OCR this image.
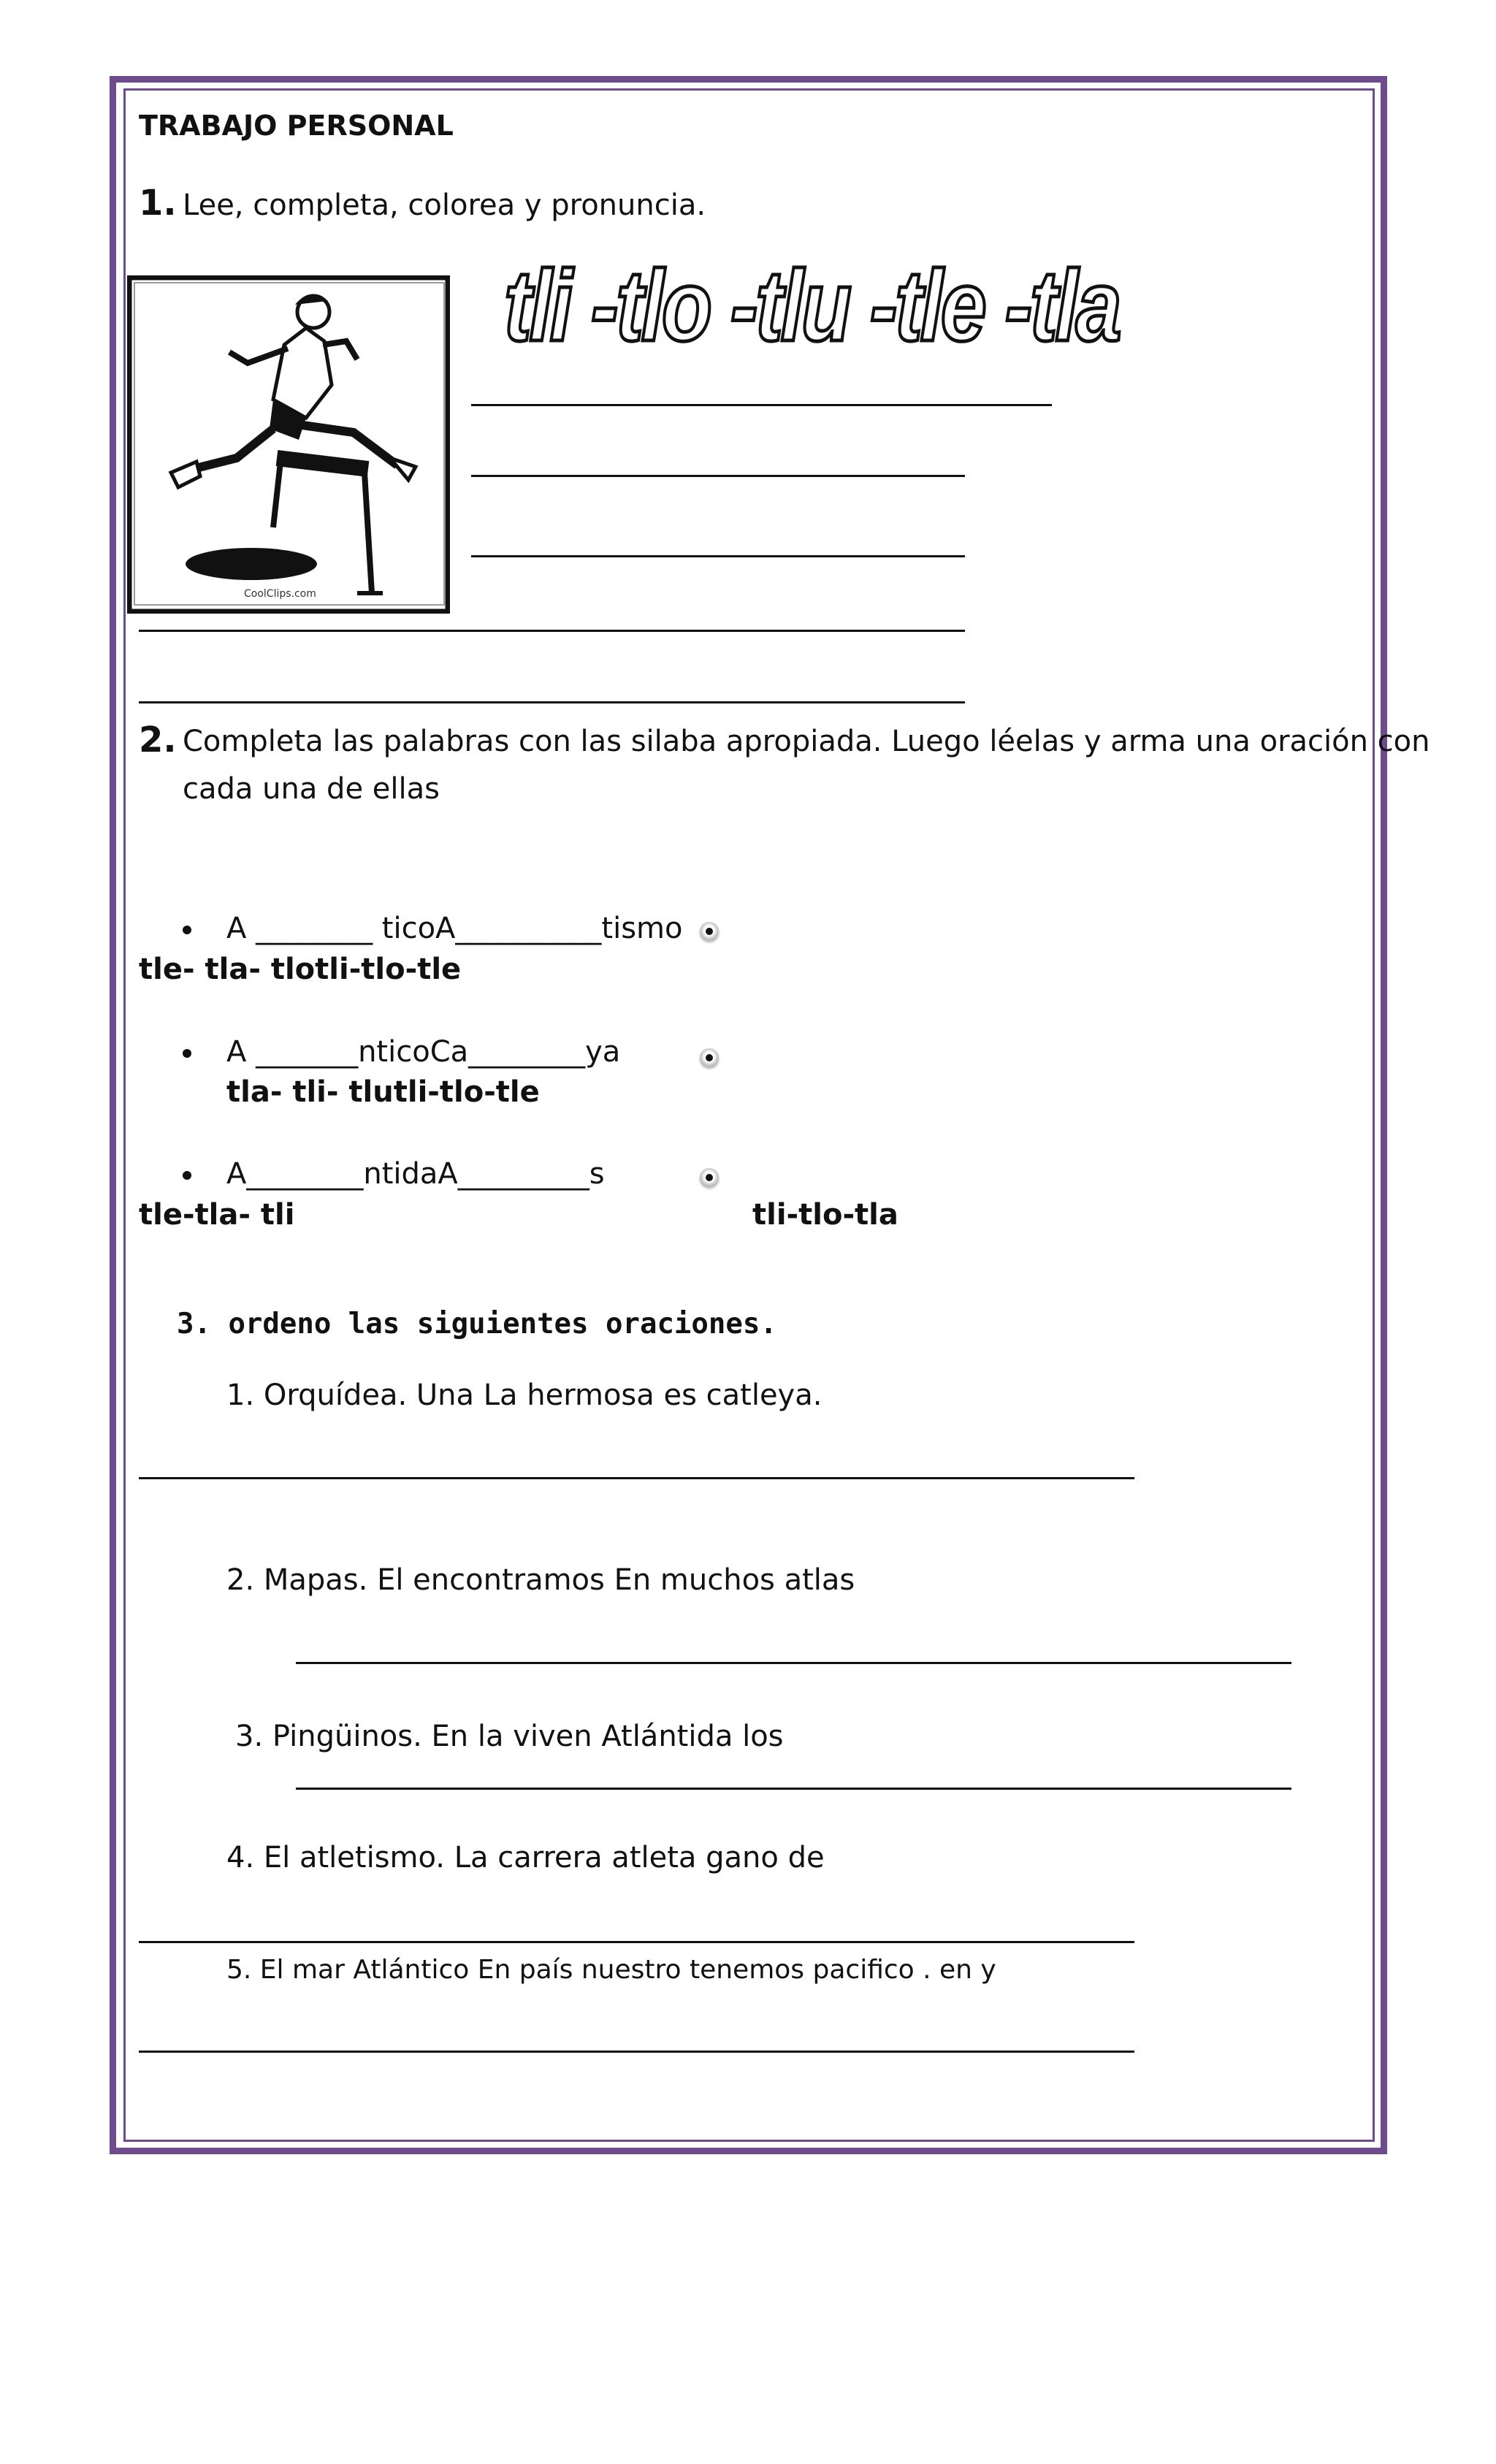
TRABAJO PERSONAL
1. Lee, completa, colorea y pronuncia.
tli -tlo -tlu -tle -tla
CoolClips.com
2. Completa las palabras con las silaba apropiada. Luego léelas y arma una oración con
cada una de ellas
A ________ ticoA__________tismo
tle- tla- tlotli-tlo-tle
A _______nticoCa________ya
tla- tli- tlutli-tlo-tle
A________ntidaA_________s
tle-tla- tli	tli-tlo-tla
3. ordeno las siguientes oraciones.
1. Orquídea. Una La hermosa es catleya.
2. Mapas. El encontramos En muchos atlas
3. Pingüinos. En la viven Atlántida los
4. El atletismo. La carrera atleta gano de
5. El mar Atlántico En país nuestro tenemos pacifico . en y
